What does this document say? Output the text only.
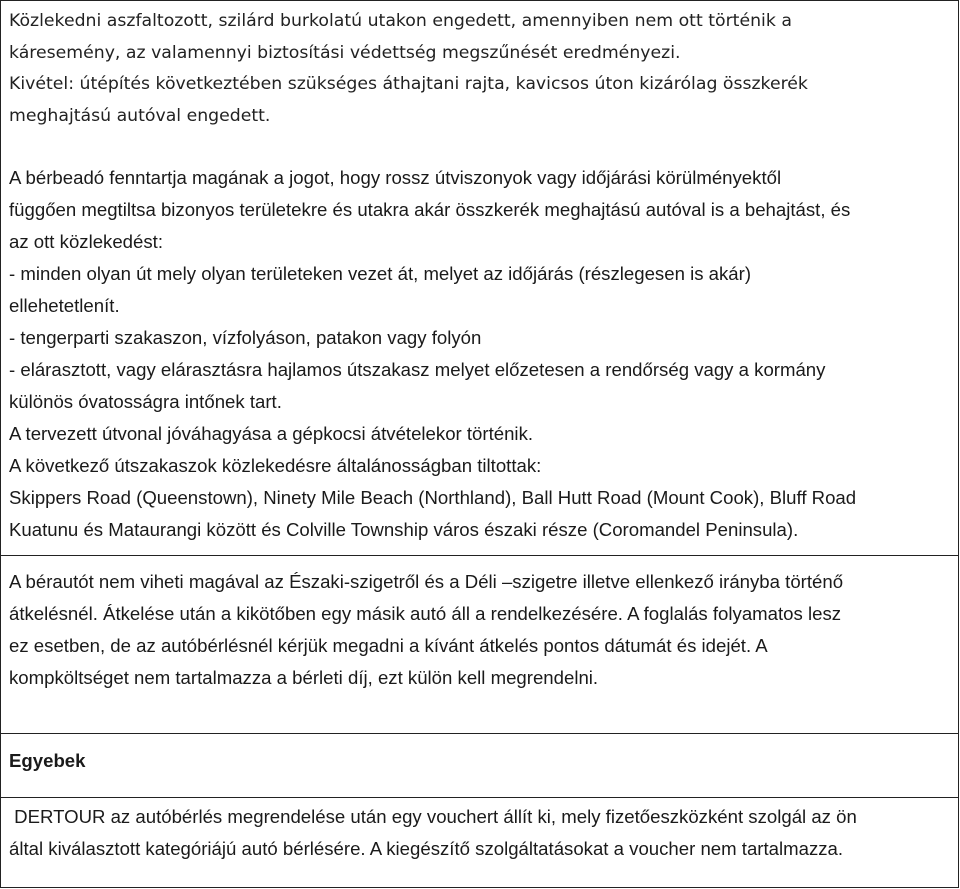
Közlekedni aszfaltozott, szilárd burkolatú utakon engedett, amennyiben nem ott történik a
káresemény, az valamennyi biztosítási védettség megszűnését eredményezi.
Kivétel: útépítés következtében szükséges áthajtani rajta, kavicsos úton kizárólag összkerék
meghajtású autóval engedett.
A bérbeadó fenntartja magának a jogot, hogy rossz útviszonyok vagy időjárási körülményektől
függően megtiltsa bizonyos területekre és utakra akár összkerék meghajtású autóval is a behajtást, és
az ott közlekedést:
- minden olyan út mely olyan területeken vezet át, melyet az időjárás (részlegesen is akár)
ellehetetlenít.
- tengerparti szakaszon, vízfolyáson, patakon vagy folyón
- elárasztott, vagy elárasztásra hajlamos útszakasz melyet előzetesen a rendőrség vagy a kormány
különös óvatosságra intőnek tart.
A tervezett útvonal jóváhagyása a gépkocsi átvételekor történik.
A következő útszakaszok közlekedésre általánosságban tiltottak:
Skippers Road (Queenstown), Ninety Mile Beach (Northland), Ball Hutt Road (Mount Cook), Bluff Road
Kuatunu és Mataurangi között és Colville Township város északi része (Coromandel Peninsula).
A bérautót nem viheti magával az Északi-szigetről és a Déli –szigetre illetve ellenkező irányba történő
átkelésnél. Átkelése után a kikötőben egy másik autó áll a rendelkezésére. A foglalás folyamatos lesz
ez esetben, de az autóbérlésnél kérjük megadni a kívánt átkelés pontos dátumát és idejét. A
kompköltséget nem tartalmazza a bérleti díj, ezt külön kell megrendelni.
Egyebek
DERTOUR az autóbérlés megrendelése után egy vouchert állít ki, mely fizetőeszközként szolgál az ön
által kiválasztott kategóriájú autó bérlésére. A kiegészítő szolgáltatásokat a voucher nem tartalmazza.
